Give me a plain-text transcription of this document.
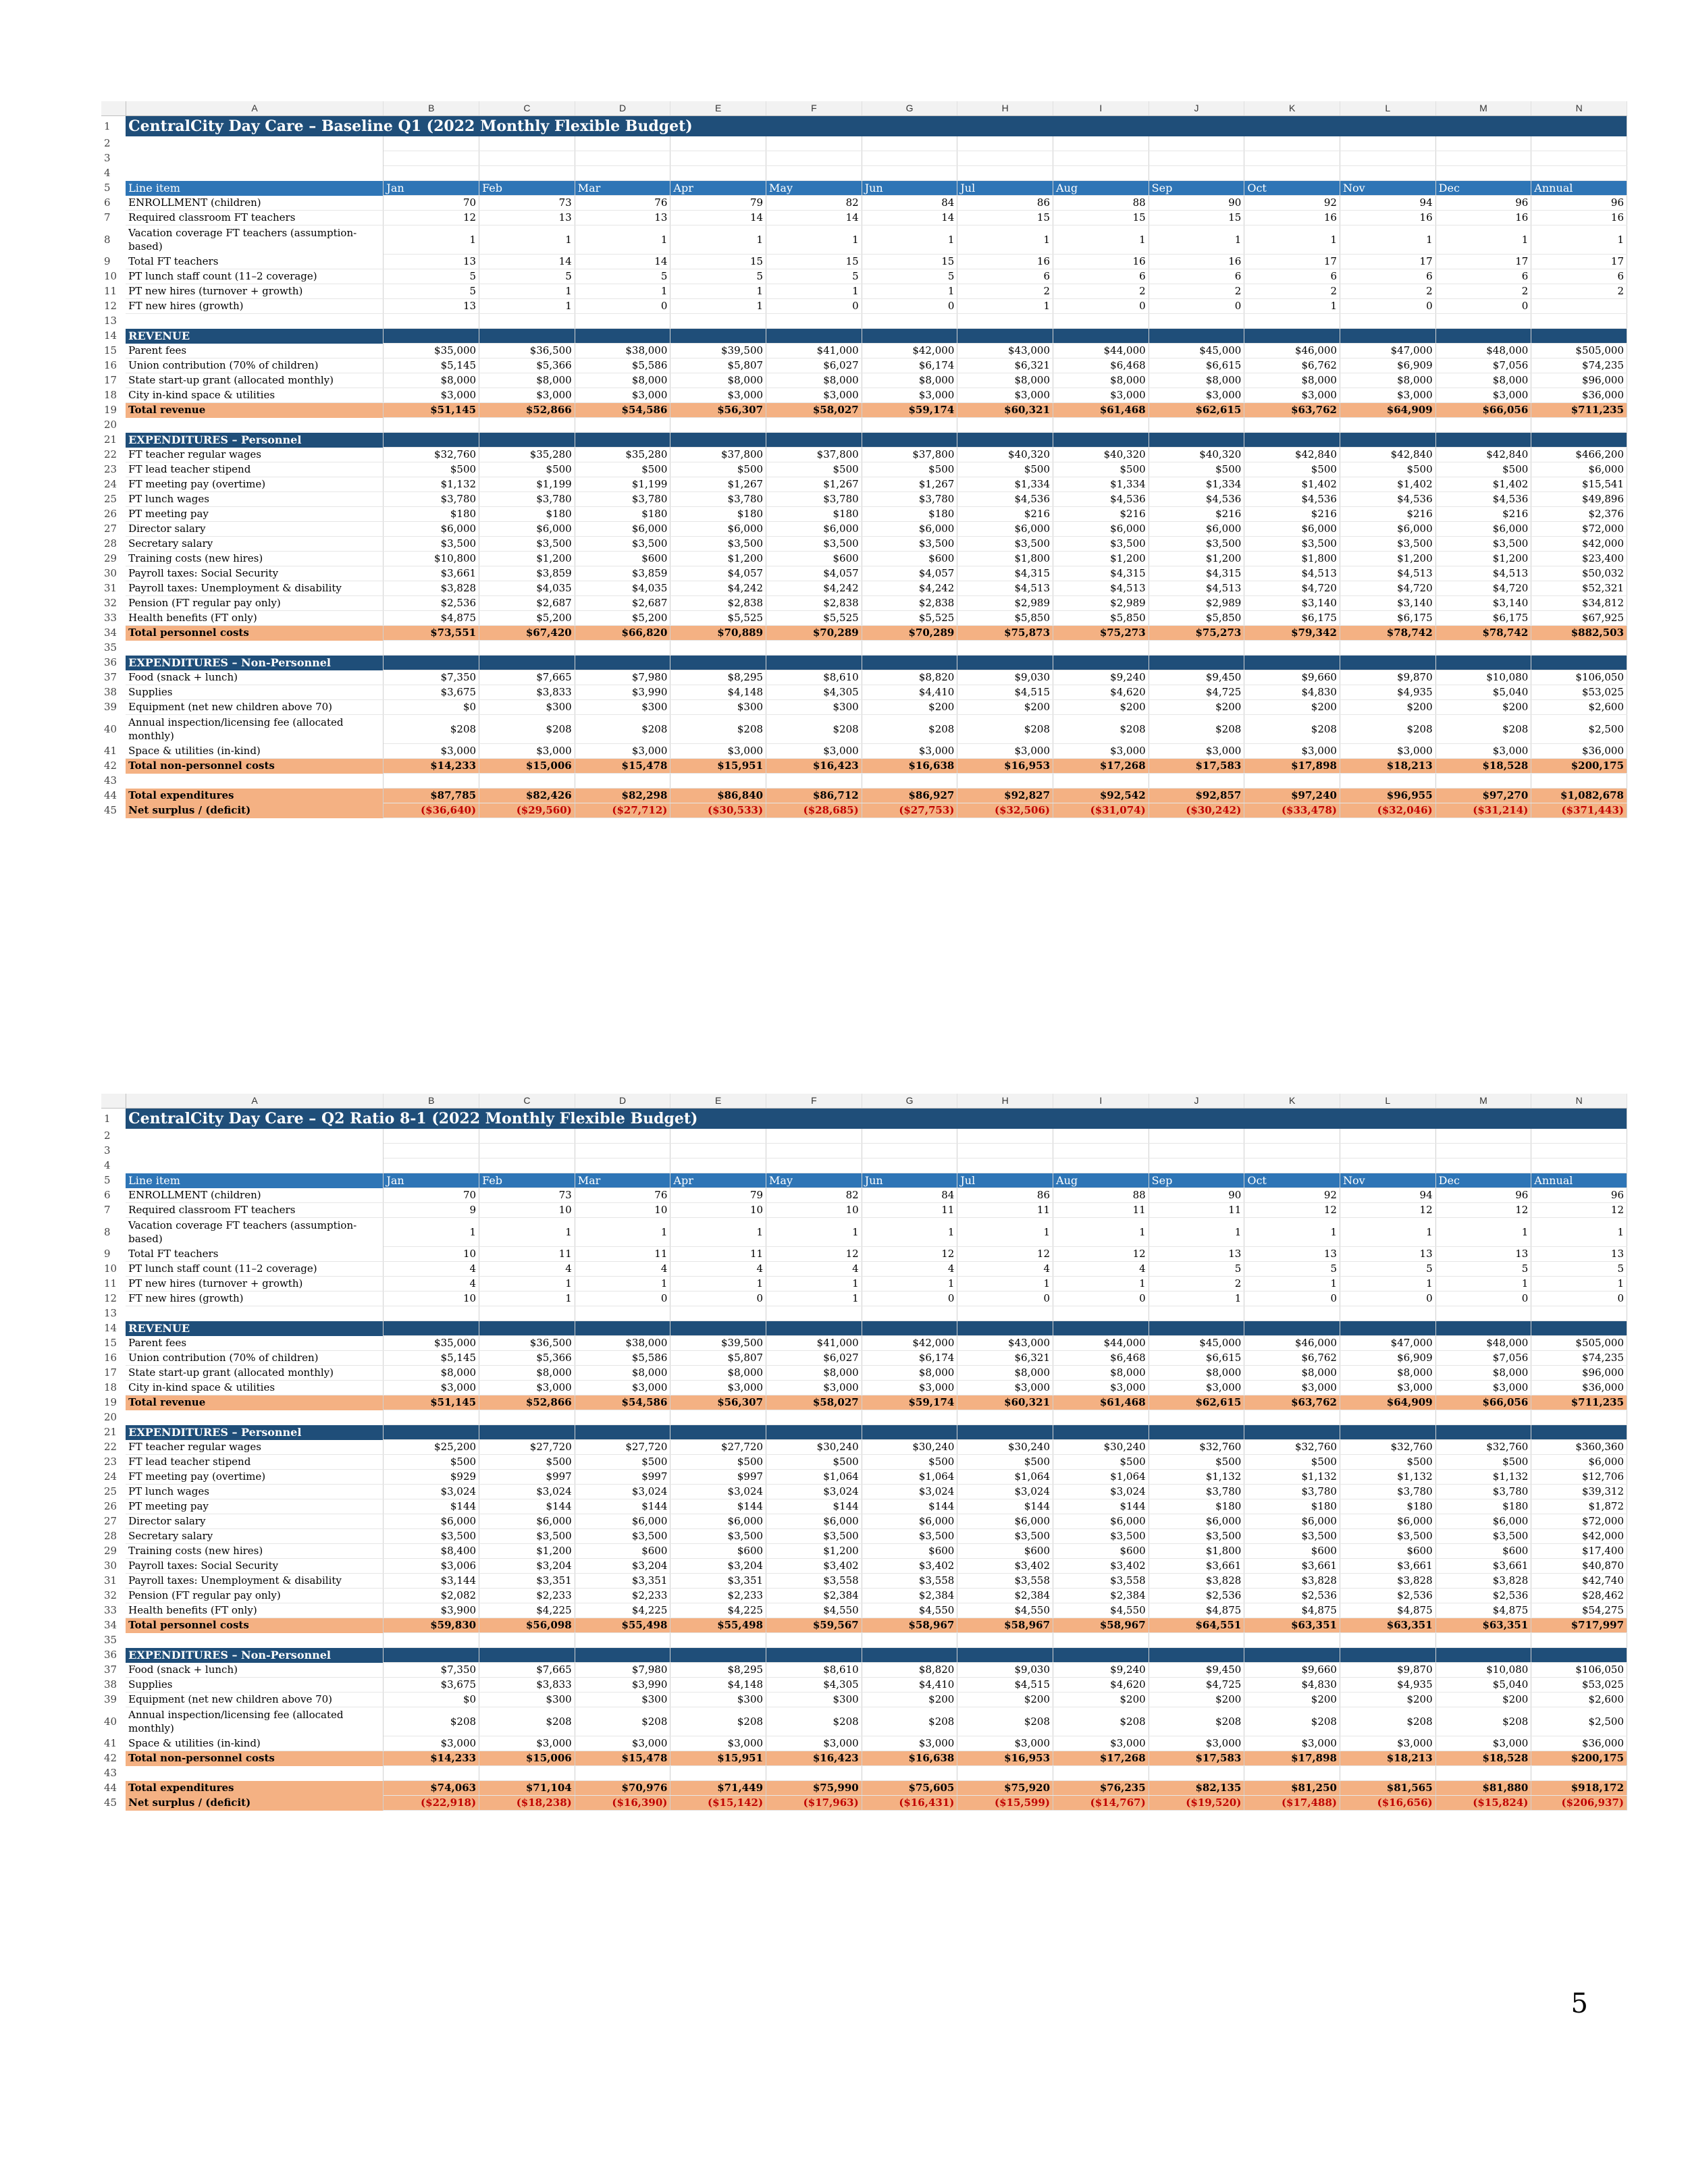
	A	B	C	D	E	F	G	H	I	J	K	L	M	N
1	CentralCity Day Care – Baseline Q1 (2022 Monthly Flexible Budget)													
2														
3														
4														
5	Line item	Jan	Feb	Mar	Apr	May	Jun	Jul	Aug	Sep	Oct	Nov	Dec	Annual
6	ENROLLMENT (children)	70	73	76	79	82	84	86	88	90	92	94	96	96
7	Required classroom FT teachers	12	13	13	14	14	14	15	15	15	16	16	16	16
8	Vacation coverage FT teachers (assumption-based)	1	1	1	1	1	1	1	1	1	1	1	1	1
9	Total FT teachers	13	14	14	15	15	15	16	16	16	17	17	17	17
10	PT lunch staff count (11–2 coverage)	5	5	5	5	5	5	6	6	6	6	6	6	6
11	PT new hires (turnover + growth)	5	1	1	1	1	1	2	2	2	2	2	2	2
12	FT new hires (growth)	13	1	0	1	0	0	1	0	0	1	0	0	
13														
14	REVENUE													
15	Parent fees	$35,000	$36,500	$38,000	$39,500	$41,000	$42,000	$43,000	$44,000	$45,000	$46,000	$47,000	$48,000	$505,000
16	Union contribution (70% of children)	$5,145	$5,366	$5,586	$5,807	$6,027	$6,174	$6,321	$6,468	$6,615	$6,762	$6,909	$7,056	$74,235
17	State start-up grant (allocated monthly)	$8,000	$8,000	$8,000	$8,000	$8,000	$8,000	$8,000	$8,000	$8,000	$8,000	$8,000	$8,000	$96,000
18	City in-kind space & utilities	$3,000	$3,000	$3,000	$3,000	$3,000	$3,000	$3,000	$3,000	$3,000	$3,000	$3,000	$3,000	$36,000
19	Total revenue	$51,145	$52,866	$54,586	$56,307	$58,027	$59,174	$60,321	$61,468	$62,615	$63,762	$64,909	$66,056	$711,235
20														
21	EXPENDITURES – Personnel													
22	FT teacher regular wages	$32,760	$35,280	$35,280	$37,800	$37,800	$37,800	$40,320	$40,320	$40,320	$42,840	$42,840	$42,840	$466,200
23	FT lead teacher stipend	$500	$500	$500	$500	$500	$500	$500	$500	$500	$500	$500	$500	$6,000
24	FT meeting pay (overtime)	$1,132	$1,199	$1,199	$1,267	$1,267	$1,267	$1,334	$1,334	$1,334	$1,402	$1,402	$1,402	$15,541
25	PT lunch wages	$3,780	$3,780	$3,780	$3,780	$3,780	$3,780	$4,536	$4,536	$4,536	$4,536	$4,536	$4,536	$49,896
26	PT meeting pay	$180	$180	$180	$180	$180	$180	$216	$216	$216	$216	$216	$216	$2,376
27	Director salary	$6,000	$6,000	$6,000	$6,000	$6,000	$6,000	$6,000	$6,000	$6,000	$6,000	$6,000	$6,000	$72,000
28	Secretary salary	$3,500	$3,500	$3,500	$3,500	$3,500	$3,500	$3,500	$3,500	$3,500	$3,500	$3,500	$3,500	$42,000
29	Training costs (new hires)	$10,800	$1,200	$600	$1,200	$600	$600	$1,800	$1,200	$1,200	$1,800	$1,200	$1,200	$23,400
30	Payroll taxes: Social Security	$3,661	$3,859	$3,859	$4,057	$4,057	$4,057	$4,315	$4,315	$4,315	$4,513	$4,513	$4,513	$50,032
31	Payroll taxes: Unemployment & disability	$3,828	$4,035	$4,035	$4,242	$4,242	$4,242	$4,513	$4,513	$4,513	$4,720	$4,720	$4,720	$52,321
32	Pension (FT regular pay only)	$2,536	$2,687	$2,687	$2,838	$2,838	$2,838	$2,989	$2,989	$2,989	$3,140	$3,140	$3,140	$34,812
33	Health benefits (FT only)	$4,875	$5,200	$5,200	$5,525	$5,525	$5,525	$5,850	$5,850	$5,850	$6,175	$6,175	$6,175	$67,925
34	Total personnel costs	$73,551	$67,420	$66,820	$70,889	$70,289	$70,289	$75,873	$75,273	$75,273	$79,342	$78,742	$78,742	$882,503
35														
36	EXPENDITURES – Non-Personnel													
37	Food (snack + lunch)	$7,350	$7,665	$7,980	$8,295	$8,610	$8,820	$9,030	$9,240	$9,450	$9,660	$9,870	$10,080	$106,050
38	Supplies	$3,675	$3,833	$3,990	$4,148	$4,305	$4,410	$4,515	$4,620	$4,725	$4,830	$4,935	$5,040	$53,025
39	Equipment (net new children above 70)	$0	$300	$300	$300	$300	$200	$200	$200	$200	$200	$200	$200	$2,600
40	Annual inspection/licensing fee (allocated monthly)	$208	$208	$208	$208	$208	$208	$208	$208	$208	$208	$208	$208	$2,500
41	Space & utilities (in-kind)	$3,000	$3,000	$3,000	$3,000	$3,000	$3,000	$3,000	$3,000	$3,000	$3,000	$3,000	$3,000	$36,000
42	Total non-personnel costs	$14,233	$15,006	$15,478	$15,951	$16,423	$16,638	$16,953	$17,268	$17,583	$17,898	$18,213	$18,528	$200,175
43														
44	Total expenditures	$87,785	$82,426	$82,298	$86,840	$86,712	$86,927	$92,827	$92,542	$92,857	$97,240	$96,955	$97,270	$1,082,678
45	Net surplus / (deficit)	($36,640)	($29,560)	($27,712)	($30,533)	($28,685)	($27,753)	($32,506)	($31,074)	($30,242)	($33,478)	($32,046)	($31,214)	($371,443)
	A	B	C	D	E	F	G	H	I	J	K	L	M	N
1	CentralCity Day Care – Q2 Ratio 8-1 (2022 Monthly Flexible Budget)													
2														
3														
4														
5	Line item	Jan	Feb	Mar	Apr	May	Jun	Jul	Aug	Sep	Oct	Nov	Dec	Annual
6	ENROLLMENT (children)	70	73	76	79	82	84	86	88	90	92	94	96	96
7	Required classroom FT teachers	9	10	10	10	10	11	11	11	11	12	12	12	12
8	Vacation coverage FT teachers (assumption-based)	1	1	1	1	1	1	1	1	1	1	1	1	1
9	Total FT teachers	10	11	11	11	12	12	12	12	13	13	13	13	13
10	PT lunch staff count (11–2 coverage)	4	4	4	4	4	4	4	4	5	5	5	5	5
11	PT new hires (turnover + growth)	4	1	1	1	1	1	1	1	2	1	1	1	1
12	FT new hires (growth)	10	1	0	0	1	0	0	0	1	0	0	0	0
13														
14	REVENUE													
15	Parent fees	$35,000	$36,500	$38,000	$39,500	$41,000	$42,000	$43,000	$44,000	$45,000	$46,000	$47,000	$48,000	$505,000
16	Union contribution (70% of children)	$5,145	$5,366	$5,586	$5,807	$6,027	$6,174	$6,321	$6,468	$6,615	$6,762	$6,909	$7,056	$74,235
17	State start-up grant (allocated monthly)	$8,000	$8,000	$8,000	$8,000	$8,000	$8,000	$8,000	$8,000	$8,000	$8,000	$8,000	$8,000	$96,000
18	City in-kind space & utilities	$3,000	$3,000	$3,000	$3,000	$3,000	$3,000	$3,000	$3,000	$3,000	$3,000	$3,000	$3,000	$36,000
19	Total revenue	$51,145	$52,866	$54,586	$56,307	$58,027	$59,174	$60,321	$61,468	$62,615	$63,762	$64,909	$66,056	$711,235
20														
21	EXPENDITURES – Personnel													
22	FT teacher regular wages	$25,200	$27,720	$27,720	$27,720	$30,240	$30,240	$30,240	$30,240	$32,760	$32,760	$32,760	$32,760	$360,360
23	FT lead teacher stipend	$500	$500	$500	$500	$500	$500	$500	$500	$500	$500	$500	$500	$6,000
24	FT meeting pay (overtime)	$929	$997	$997	$997	$1,064	$1,064	$1,064	$1,064	$1,132	$1,132	$1,132	$1,132	$12,706
25	PT lunch wages	$3,024	$3,024	$3,024	$3,024	$3,024	$3,024	$3,024	$3,024	$3,780	$3,780	$3,780	$3,780	$39,312
26	PT meeting pay	$144	$144	$144	$144	$144	$144	$144	$144	$180	$180	$180	$180	$1,872
27	Director salary	$6,000	$6,000	$6,000	$6,000	$6,000	$6,000	$6,000	$6,000	$6,000	$6,000	$6,000	$6,000	$72,000
28	Secretary salary	$3,500	$3,500	$3,500	$3,500	$3,500	$3,500	$3,500	$3,500	$3,500	$3,500	$3,500	$3,500	$42,000
29	Training costs (new hires)	$8,400	$1,200	$600	$600	$1,200	$600	$600	$600	$1,800	$600	$600	$600	$17,400
30	Payroll taxes: Social Security	$3,006	$3,204	$3,204	$3,204	$3,402	$3,402	$3,402	$3,402	$3,661	$3,661	$3,661	$3,661	$40,870
31	Payroll taxes: Unemployment & disability	$3,144	$3,351	$3,351	$3,351	$3,558	$3,558	$3,558	$3,558	$3,828	$3,828	$3,828	$3,828	$42,740
32	Pension (FT regular pay only)	$2,082	$2,233	$2,233	$2,233	$2,384	$2,384	$2,384	$2,384	$2,536	$2,536	$2,536	$2,536	$28,462
33	Health benefits (FT only)	$3,900	$4,225	$4,225	$4,225	$4,550	$4,550	$4,550	$4,550	$4,875	$4,875	$4,875	$4,875	$54,275
34	Total personnel costs	$59,830	$56,098	$55,498	$55,498	$59,567	$58,967	$58,967	$58,967	$64,551	$63,351	$63,351	$63,351	$717,997
35														
36	EXPENDITURES – Non-Personnel													
37	Food (snack + lunch)	$7,350	$7,665	$7,980	$8,295	$8,610	$8,820	$9,030	$9,240	$9,450	$9,660	$9,870	$10,080	$106,050
38	Supplies	$3,675	$3,833	$3,990	$4,148	$4,305	$4,410	$4,515	$4,620	$4,725	$4,830	$4,935	$5,040	$53,025
39	Equipment (net new children above 70)	$0	$300	$300	$300	$300	$200	$200	$200	$200	$200	$200	$200	$2,600
40	Annual inspection/licensing fee (allocated monthly)	$208	$208	$208	$208	$208	$208	$208	$208	$208	$208	$208	$208	$2,500
41	Space & utilities (in-kind)	$3,000	$3,000	$3,000	$3,000	$3,000	$3,000	$3,000	$3,000	$3,000	$3,000	$3,000	$3,000	$36,000
42	Total non-personnel costs	$14,233	$15,006	$15,478	$15,951	$16,423	$16,638	$16,953	$17,268	$17,583	$17,898	$18,213	$18,528	$200,175
43														
44	Total expenditures	$74,063	$71,104	$70,976	$71,449	$75,990	$75,605	$75,920	$76,235	$82,135	$81,250	$81,565	$81,880	$918,172
45	Net surplus / (deficit)	($22,918)	($18,238)	($16,390)	($15,142)	($17,963)	($16,431)	($15,599)	($14,767)	($19,520)	($17,488)	($16,656)	($15,824)	($206,937)
5
